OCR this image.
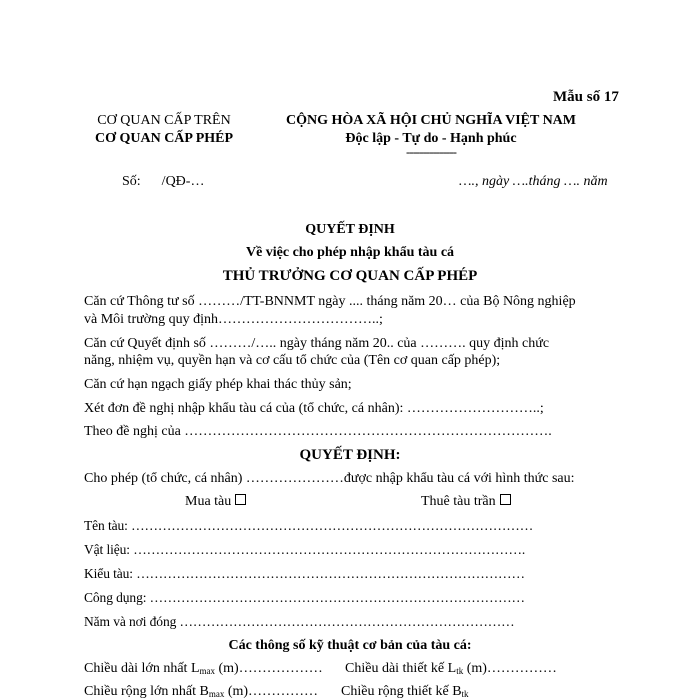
Mẫu số 17
CƠ QUAN CẤP TRÊN
CƠ QUAN CẤP PHÉP
CỘNG HÒA XÃ HỘI CHỦ NGHĨA VIỆT NAM
Độc lập - Tự do - Hạnh phúc
---------------
Số:      /QĐ-…	…., ngày ….tháng …. năm
QUYẾT ĐỊNH
Về việc cho phép nhập khẩu tàu cá
THỦ TRƯỞNG CƠ QUAN CẤP PHÉP
Căn cứ Thông tư số ………/TT-BNNMT ngày .... tháng năm 20… của Bộ Nông nghiệp
và Môi trường quy định……………………………..;
Căn cứ Quyết định số ………/….. ngày tháng năm 20.. của ………. quy định chức
năng, nhiệm vụ, quyền hạn và cơ cấu tổ chức của (Tên cơ quan cấp phép);
Căn cứ hạn ngạch giấy phép khai thác thủy sản;
Xét đơn đề nghị nhập khẩu tàu cá của (tổ chức, cá nhân): ………………………..;
Theo đề nghị của …………………………………………………………………….
QUYẾT ĐỊNH:
Cho phép (tổ chức, cá nhân) …………………được nhập khẩu tàu cá với hình thức sau:
Mua tàu	Thuê tàu trần
Tên tàu: ………………………………………………………………………………
Vật liệu: …………………………………………………………………………….
Kiểu tàu: ……………………………………………………………………………
Công dụng: …………………………………………………………………………
Năm và nơi đóng …………………………………………………………………
Các thông số kỹ thuật cơ bản của tàu cá:
Chiều dài lớn nhất $L_{max}$ (m)……………… Chiều dài thiết kế $L_{tk}$ (m)……………
Chiều rộng lớn nhất $B_{max}$ (m)…………… Chiều rộng thiết kế $B_{tk}$
